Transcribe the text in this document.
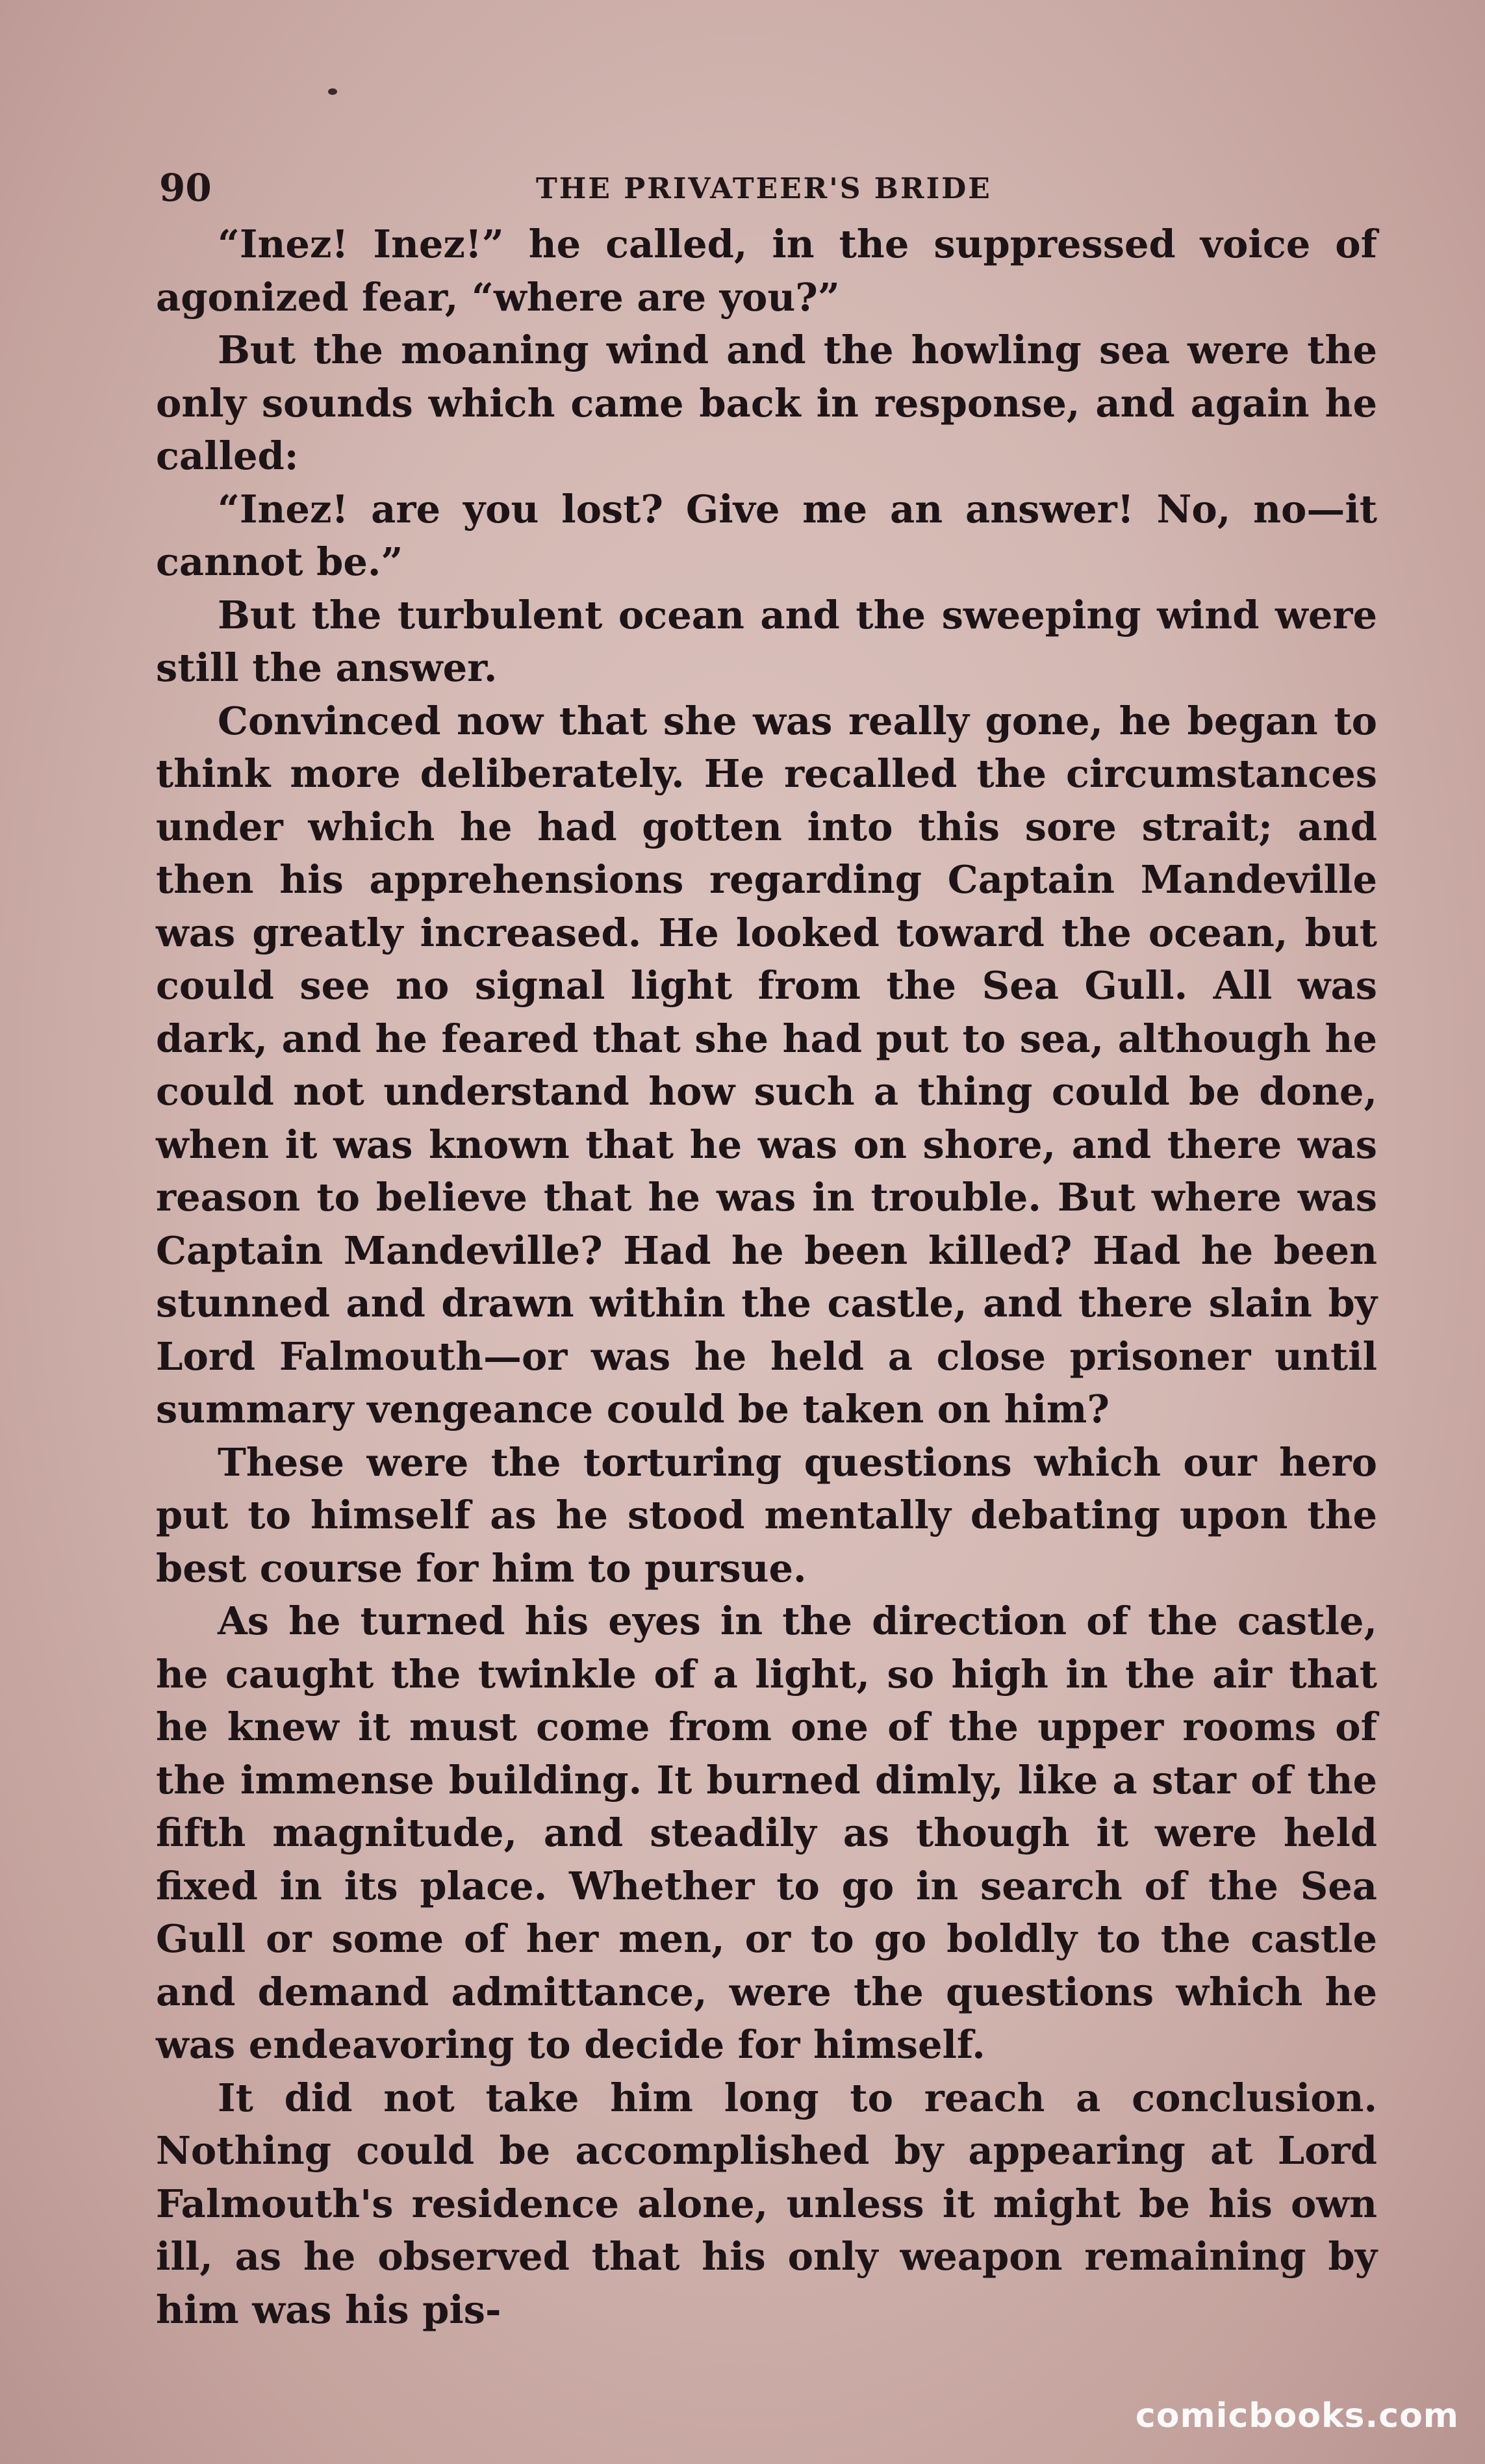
90	THE PRIVATEER'S BRIDE

“Inez! Inez!” he called, in the suppressed voice of agonized fear, “where are you?”

But the moaning wind and the howling sea were the only sounds which came back in response, and again he called:

“Inez! are you lost? Give me an answer! No, no—it cannot be.”

But the turbulent ocean and the sweeping wind were still the answer.

Convinced now that she was really gone, he began to think more deliberately. He recalled the circumstances under which he had gotten into this sore strait; and then his apprehensions regarding Captain Mandeville was greatly increased. He looked toward the ocean, but could see no signal light from the Sea Gull. All was dark, and he feared that she had put to sea, although he could not understand how such a thing could be done, when it was known that he was on shore, and there was reason to believe that he was in trouble. But where was Captain Mandeville? Had he been killed? Had he been stunned and drawn within the castle, and there slain by Lord Falmouth—or was he held a close prisoner until summary vengeance could be taken on him?

These were the torturing questions which our hero put to himself as he stood mentally debating upon the best course for him to pursue.

As he turned his eyes in the direction of the castle, he caught the twinkle of a light, so high in the air that he knew it must come from one of the upper rooms of the immense building. It burned dimly, like a star of the fifth magnitude, and steadily as though it were held fixed in its place. Whether to go in search of the Sea Gull or some of her men, or to go boldly to the castle and demand admittance, were the questions which he was endeavoring to decide for himself.

It did not take him long to reach a conclusion. Nothing could be accomplished by appearing at Lord Falmouth's residence alone, unless it might be his own ill, as he observed that his only weapon remaining by him was his pis-

comicbooks.com
